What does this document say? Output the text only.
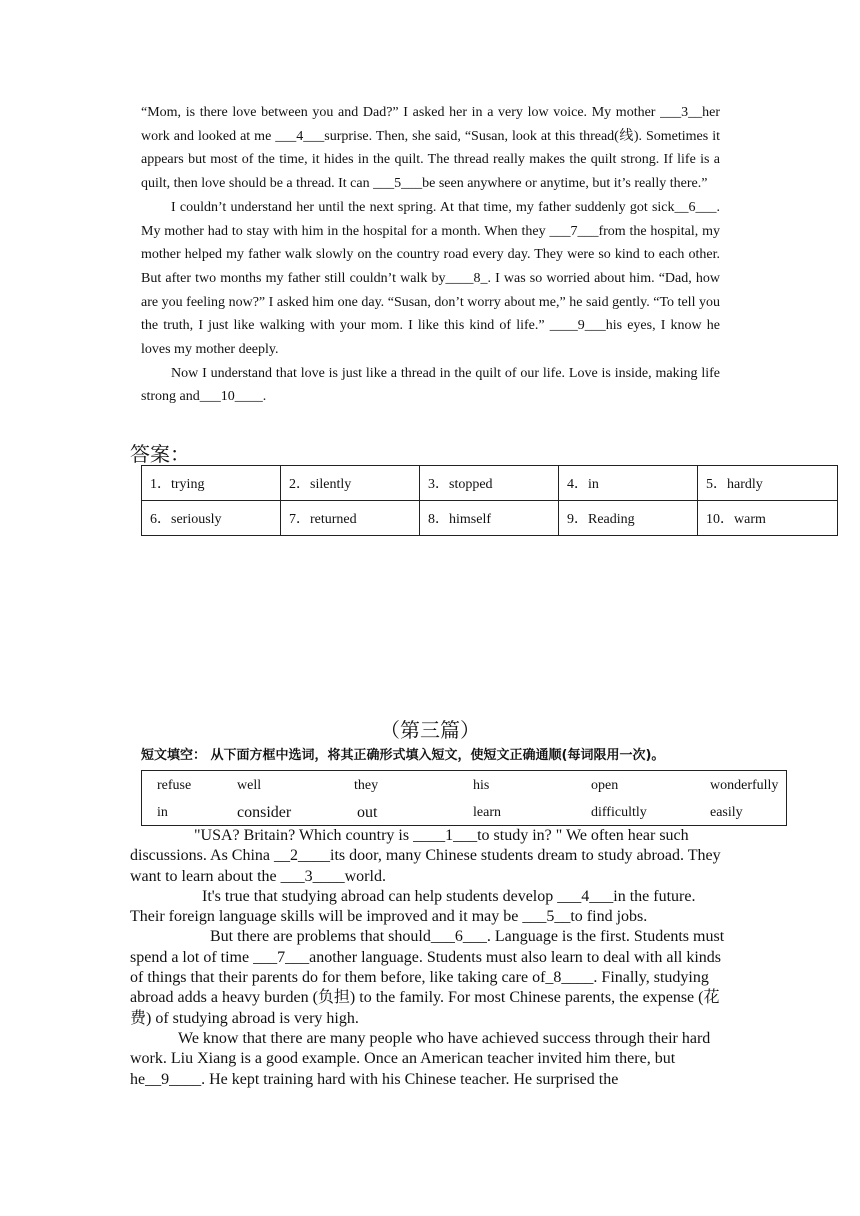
“Mom, is there love between you and Dad?” I asked her in a very low voice. My mother ___3__her work and looked at me ___4___surprise. Then, she said, “Susan, look at this thread(线). Sometimes it appears but most of the time, it hides in the quilt. The thread really makes the quilt strong. If life is a quilt, then love should be a thread. It can ___5___be seen anywhere or anytime, but it’s really there.”

I couldn’t understand her until the next spring. At that time, my father suddenly got sick__6___. My mother had to stay with him in the hospital for a month. When they ___7___from the hospital, my mother helped my father walk slowly on the country road every day. They were so kind to each other. But after two months my father still couldn’t walk by____8_. I was so worried about him. “Dad, how are you feeling now?” I asked him one day. “Susan, don’t worry about me,” he said gently. “To tell you the truth, I just like walking with your mom. I like this kind of life.” ____9___his eyes, I know he loves my mother deeply.

Now I understand that love is just like a thread in the quilt of our life. Love is inside, making life strong and___10____.

答案：
1．trying	2．silently	3．stopped	4．in	5．hardly
6．seriously	7．returned	8．himself	9．Reading	10．warm
（第三篇）
短文填空： 从下面方框中选词，将其正确形式填入短文，使短文正确通顺(每词限用一次)。
refuse	well	they	his	open	wonderfully
in	consider	out	learn	difficultly	easily

"USA? Britain? Which country is ____1___to study in? " We often hear such discussions. As China __2____its door, many Chinese students dream to study abroad. They want to learn about the ___3____world.

It's true that studying abroad can help students develop ___4___in the future. Their foreign language skills will be improved and it may be ___5__to find jobs.

But there are problems that should___6___. Language is the first. Students must spend a lot of time ___7___another language. Students must also learn to deal with all kinds of things that their parents do for them before, like taking care of_8____. Finally, studying abroad adds a heavy burden (负担) to the family. For most Chinese parents, the expense (花费) of studying abroad is very high.

We know that there are many people who have achieved success through their hard work. Liu Xiang is a good example. Once an American teacher invited him there, but he__9____. He kept training hard with his Chinese teacher. He surprised the
